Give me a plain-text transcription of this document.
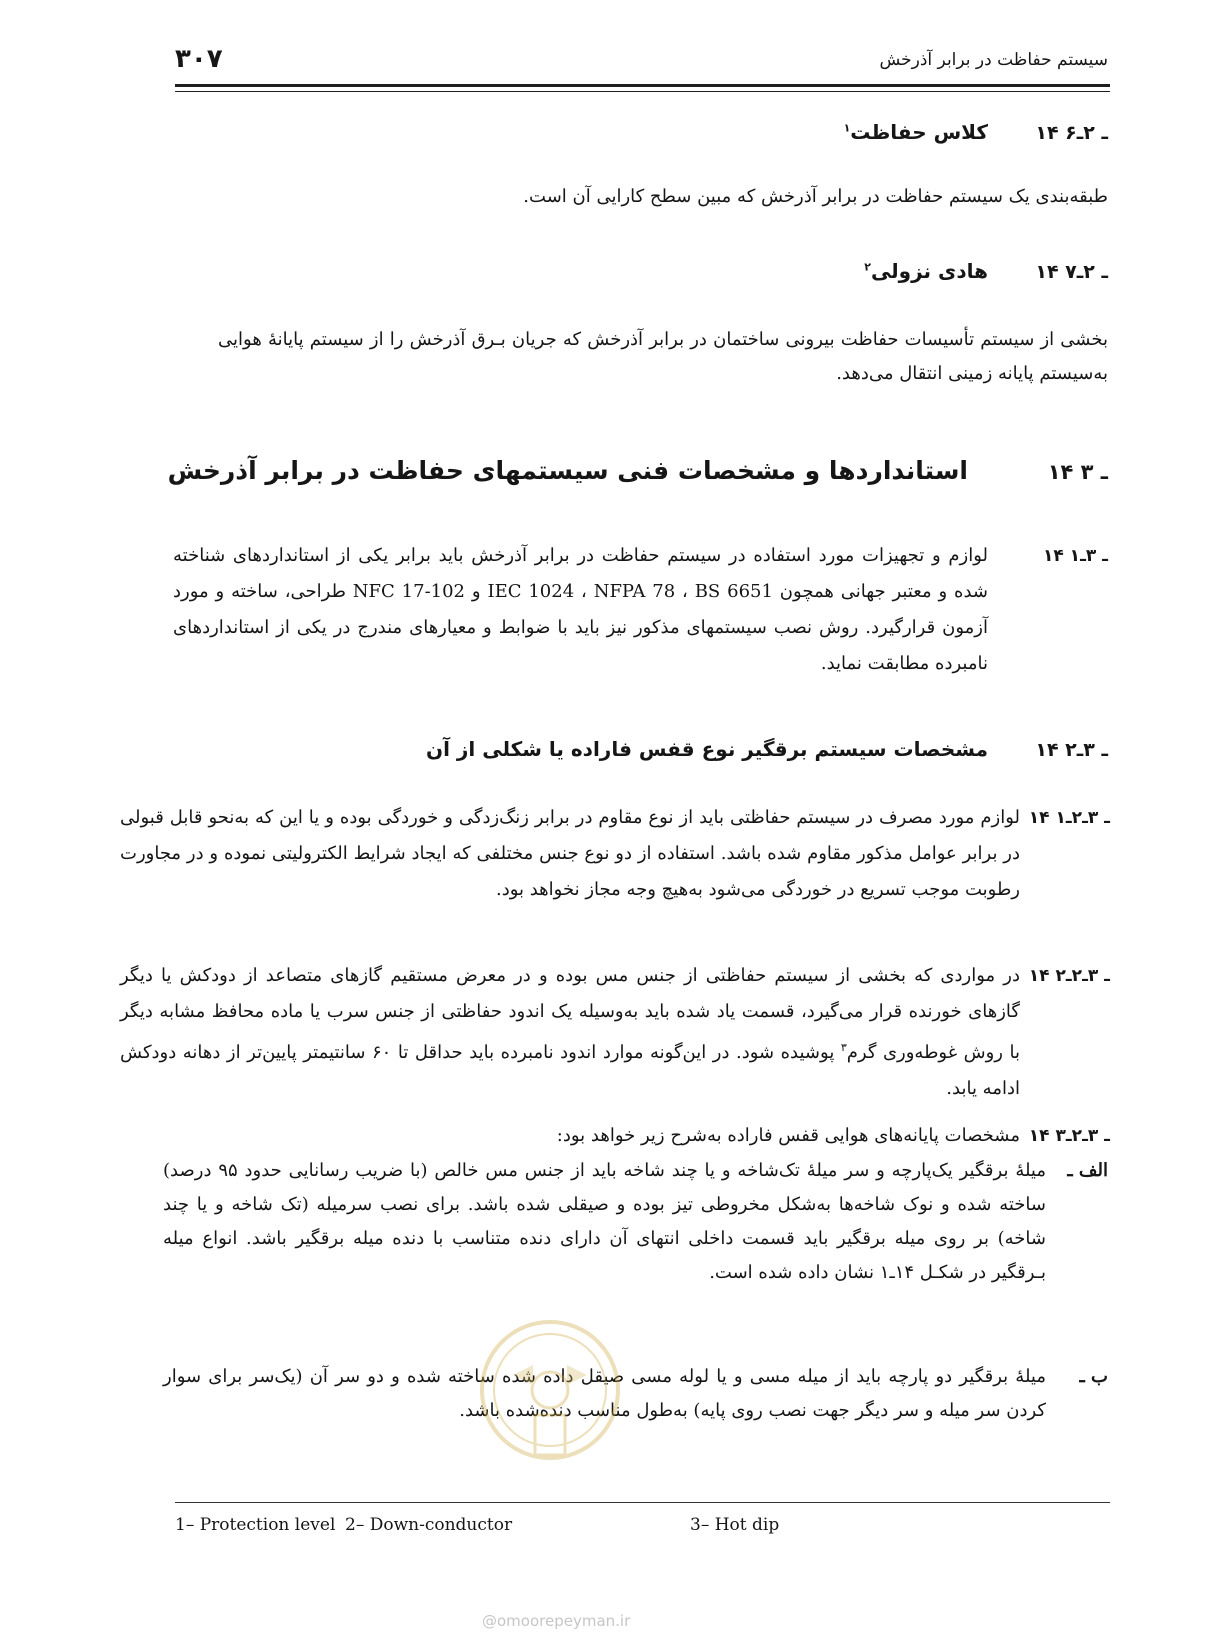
۳۰۷	سیستم حفاظت در برابر آذرخش
۱۴ ـ ۲ـ۶
کلاس حفاظت$^۱$
طبقه‌بندی یک سیستم حفاظت در برابر آذرخش که مبین سطح کارایی آن است.
۱۴ ـ ۲ـ۷
هادی نزولی$^۲$
بخشی از سیستم تأسیسات حفاظت بیرونی ساختمان در برابر آذرخش که جریان بـرق آذرخش را از سیستم پایانهٔ هوایی به‌سیستم پایانه زمینی انتقال می‌دهد.
۱۴ ـ ۳
استانداردها و مشخصات فنی سیستمهای حفاظت در برابر آذرخش
۱۴ ـ ۳ـ۱
لوازم و تجهیزات مورد استفاده در سیستم حفاظت در برابر آذرخش باید برابر یکی از استانداردهای شناخته شده و معتبر جهانی همچون IEC 1024 ، NFPA 78 ، BS 6651 و NFC 17-102 طراحی، ساخته و مورد آزمون قرارگیرد. روش نصب سیستمهای مذکور نیز باید با ضوابط و معیارهای مندرج در یکی از استانداردهای نامبرده مطابقت نماید.
۱۴ ـ ۳ـ۲
مشخصات سیستم برقگیر نوع قفس فاراده یا شکلی از آن
۱۴ ـ ۳ـ۲ـ۱
لوازم مورد مصرف در سیستم حفاظتی باید از نوع مقاوم در برابر زنگ‌زدگی و خوردگی بوده و یا این که به‌نحو قابل قبولی در برابر عوامل مذکور مقاوم شده باشد. استفاده از دو نوع جنس مختلفی که ایجاد شرایط الکترولیتی نموده و در مجاورت رطوبت موجب تسریع در خوردگی می‌شود به‌هیچ وجه مجاز نخواهد بود.
۱۴ ـ ۳ـ۲ـ۲
در مواردی که بخشی از سیستم حفاظتی از جنس مس بوده و در معرض مستقیم گازهای متصاعد از دودکش یا دیگر گازهای خورنده قرار می‌گیرد، قسمت یاد شده باید به‌وسیله یک اندود حفاظتی از جنس سرب یا ماده محافظ مشابه دیگر با روش غوطه‌وری گرم$^۳$ پوشیده شود. در این‌گونه موارد اندود نامبرده باید حداقل تا ۶۰ سانتیمتر پایین‌تر از دهانه دودکش ادامه یابد.
۱۴ ـ ۳ـ۲ـ۳
مشخصات پایانه‌های هوایی قفس فاراده به‌شرح زیر خواهد بود:
الف ـ
میلهٔ برقگیر یک‌پارچه و سر میلهٔ تک‌شاخه و یا چند شاخه باید از جنس مس خالص (با ضریب رسانایی حدود ۹۵ درصد) ساخته شده و نوک شاخه‌ها به‌شکل مخروطی تیز بوده و صیقلی شده باشد. برای نصب سرمیله (تک شاخه و یا چند شاخه) بر روی میله برقگیر باید قسمت داخلی انتهای آن دارای دنده متناسب با دنده میله برقگیر باشد. انواع میله بـرقگیر در شکـل ۱۴ـ۱ نشان داده شده است.
ب ـ
میلهٔ برقگیر دو پارچه باید از میله مسی و یا لوله مسی صیقل داده شده ساخته شده و دو سر آن (یک‌سر برای سوار کردن سر میله و سر دیگر جهت نصب روی پایه) به‌طول مناسب دنده‌شده باشد.
1– Protection level 2– Down-conductor	3– Hot dip
@omoorepeyman.ir
